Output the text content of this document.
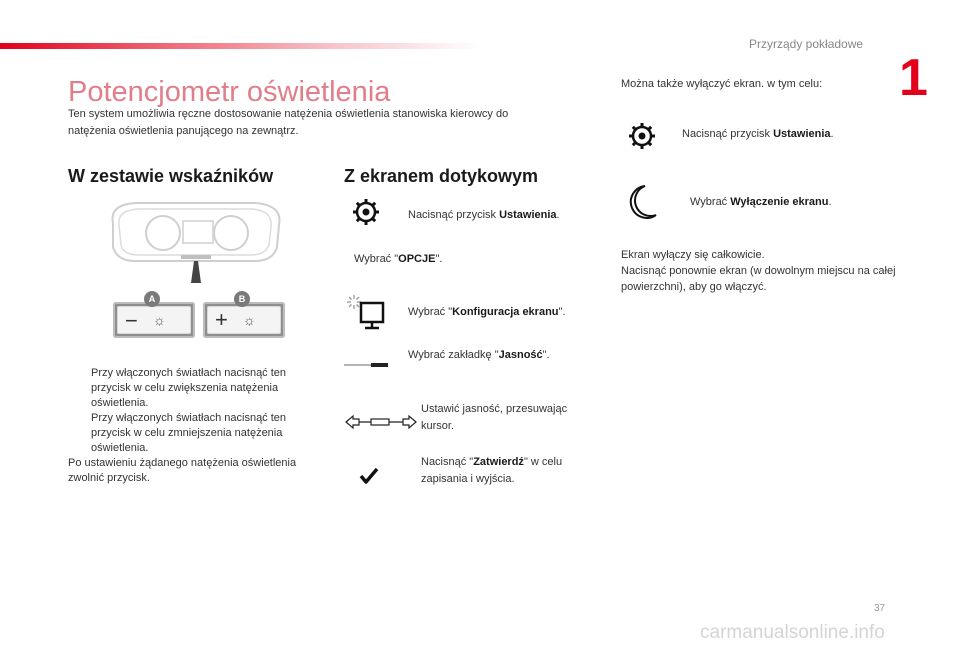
Przyrządy pokładowe
1
Potencjometr oświetlenia
Ten system umożliwia ręczne dostosowanie natężenia oświetlenia stanowiska kierowcy do natężenia oświetlenia panującego na zewnątrz.
W zestawie wskaźników
− ☼ + ☼
A	B
Przy włączonych światłach nacisnąć ten przycisk w celu zwiększenia natężenia oświetlenia.
Przy włączonych światłach nacisnąć ten przycisk w celu zmniejszenia natężenia oświetlenia.
Po ustawieniu żądanego natężenia oświetlenia zwolnić przycisk.
Z ekranem dotykowym
Nacisnąć przycisk Ustawienia.
Wybrać "OPCJE".
Wybrać "Konfiguracja ekranu".
Wybrać zakładkę "Jasność".
Ustawić jasność, przesuwając
kursor.
Nacisnąć "Zatwierdź" w celu
zapisania i wyjścia.
Można także wyłączyć ekran. w tym celu:
Nacisnąć przycisk Ustawienia.
Wybrać Wyłączenie ekranu.
Ekran wyłączy się całkowicie.
Nacisnąć ponownie ekran (w dowolnym miejscu na całej powierzchni), aby go włączyć.
37
carmanualsonline.info
